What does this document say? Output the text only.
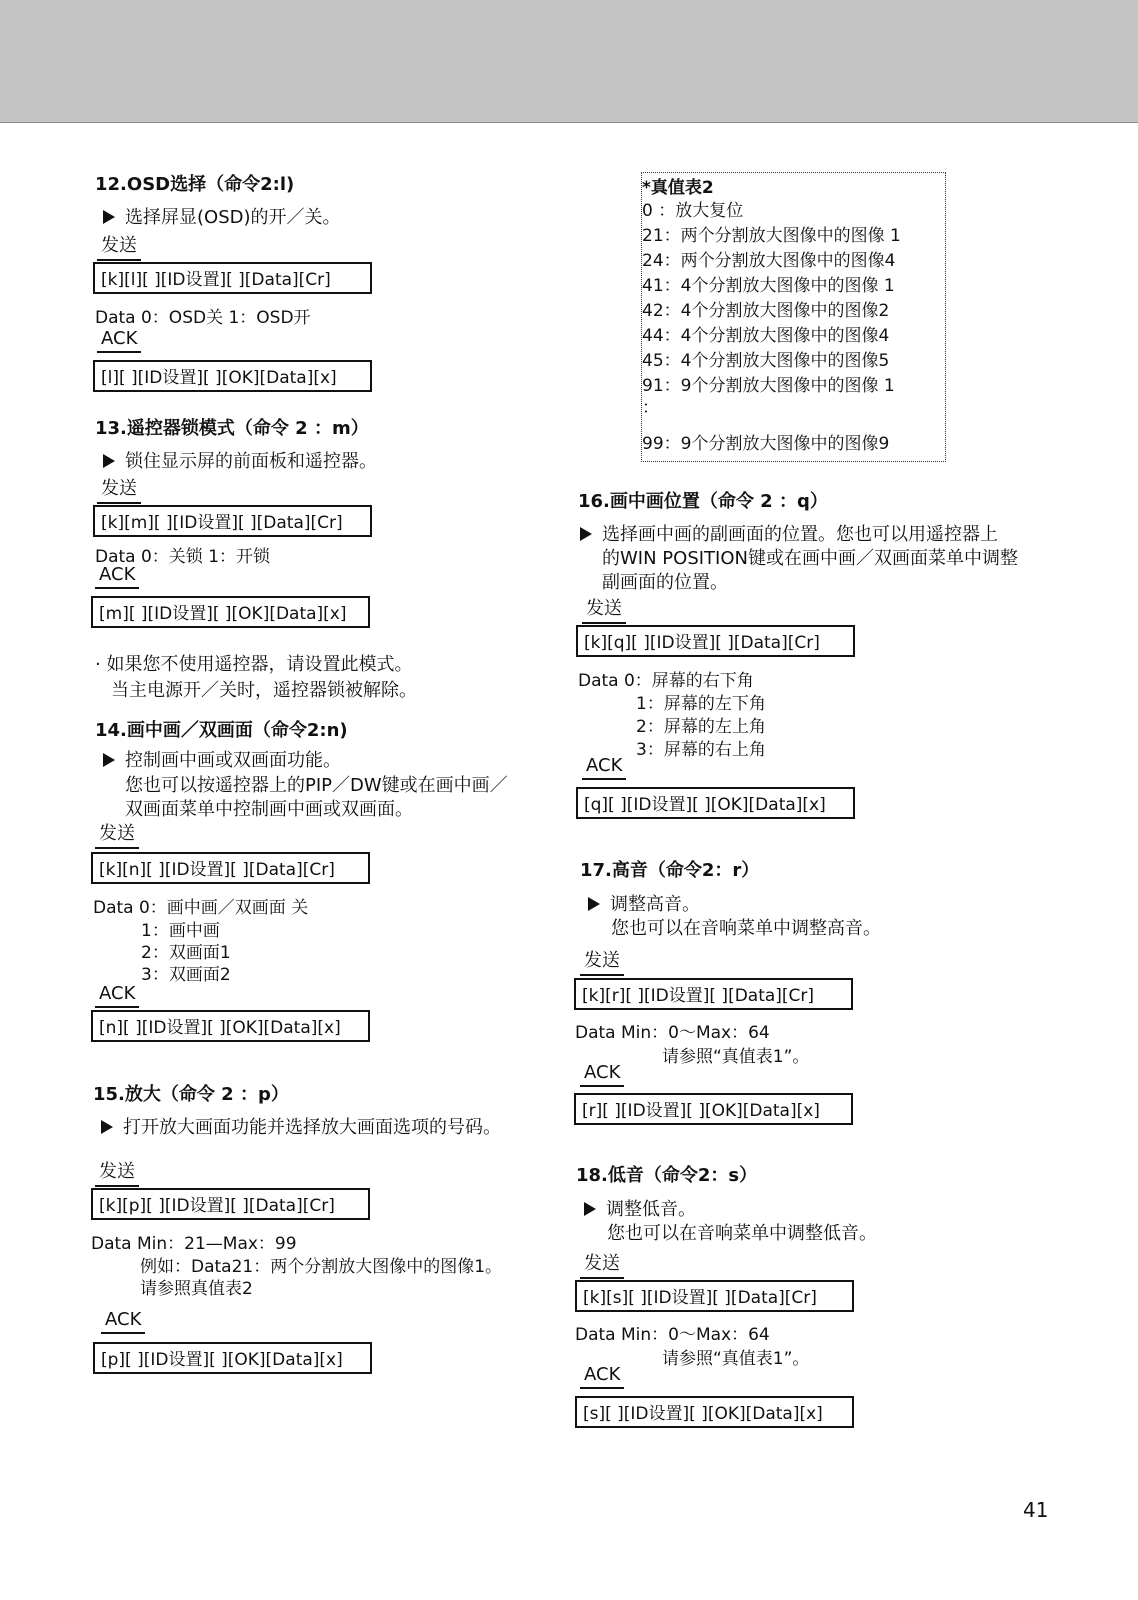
12.OSD选择（命令2:l)
选择屏显(OSD)的开／关。
发送
[k][l][ ][ID设置][ ][Data][Cr]
Data 0：OSD关 1：OSD开
ACK
[l][ ][ID设置][ ][OK][Data][x]
13.遥控器锁模式（命令 2 ：m）
锁住显示屏的前面板和遥控器。
发送
[k][m][ ][ID设置][ ][Data][Cr]
Data 0：关锁 1：开锁
ACK
[m][ ][ID设置][ ][OK][Data][x]
· 如果您不使用遥控器，请设置此模式。
当主电源开／关时，遥控器锁被解除。
14.画中画／双画面（命令2:n)
控制画中画或双画面功能。
您也可以按遥控器上的PIP／DW键或在画中画／
双画面菜单中控制画中画或双画面。
发送
[k][n][ ][ID设置][ ][Data][Cr]
Data 0：画中画／双画面 关
1：画中画
2：双画面1
3：双画面2
ACK
[n][ ][ID设置][ ][OK][Data][x]
15.放大（命令 2 ：p）
打开放大画面功能并选择放大画面选项的号码。
发送
[k][p][ ][ID设置][ ][Data][Cr]
Data Min：21—Max：99
例如：Data21：两个分割放大图像中的图像1。
请参照真值表2
ACK
[p][ ][ID设置][ ][OK][Data][x]
*真值表2
0 ：放大复位
21：两个分割放大图像中的图像 1
24：两个分割放大图像中的图像4
41：4个分割放大图像中的图像 1
42：4个分割放大图像中的图像2
44：4个分割放大图像中的图像4
45：4个分割放大图像中的图像5
91：9个分割放大图像中的图像 1
：
99：9个分割放大图像中的图像9
16.画中画位置（命令 2 ：q）
选择画中画的副画面的位置。您也可以用遥控器上
的WIN POSITION键或在画中画／双画面菜单中调整
副画面的位置。
发送
[k][q][ ][ID设置][ ][Data][Cr]
Data 0：屏幕的右下角
1：屏幕的左下角
2：屏幕的左上角
3：屏幕的右上角
ACK
[q][ ][ID设置][ ][OK][Data][x]
17.高音（命令2：r）
调整高音。
您也可以在音响菜单中调整高音。
发送
[k][r][ ][ID设置][ ][Data][Cr]
Data Min：0～Max：64
请参照“真值表1”。
ACK
[r][ ][ID设置][ ][OK][Data][x]
18.低音（命令2：s）
调整低音。
您也可以在音响菜单中调整低音。
发送
[k][s][ ][ID设置][ ][Data][Cr]
Data Min：0～Max：64
请参照“真值表1”。
ACK
[s][ ][ID设置][ ][OK][Data][x]
41
